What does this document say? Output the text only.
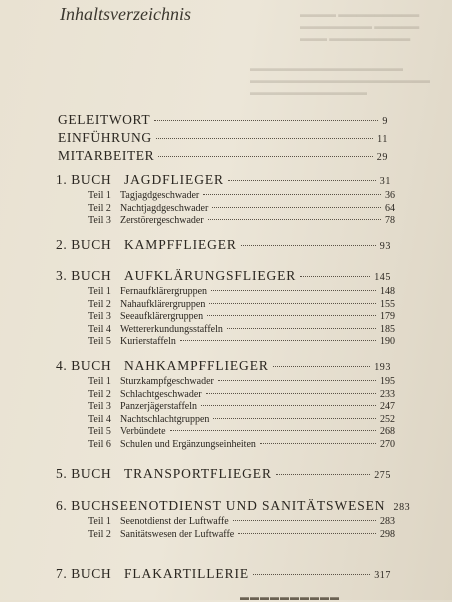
▬▬▬▬ ▬▬▬▬▬▬▬▬▬
▬▬▬▬▬▬▬▬ ▬▬▬▬▬
▬▬▬ ▬▬▬▬▬▬▬▬▬
▬▬▬▬▬▬▬▬▬▬▬▬▬▬▬▬▬
▬▬▬▬▬▬▬▬▬▬▬▬▬▬▬▬▬▬▬▬
▬▬▬▬▬▬▬▬▬▬▬▬▬
Inhaltsverzeichnis
GELEITWORT	9
EINFÜHRUNG	11
MITARBEITER	29
1. BUCH JAGDFLIEGER	31
Teil 1 Tagjagdgeschwader	36
Teil 2 Nachtjagdgeschwader	64
Teil 3 Zerstörergeschwader	78
2. BUCH KAMPFFLIEGER	93
3. BUCH AUFKLÄRUNGSFLIEGER	145
Teil 1 Fernaufklärergruppen	148
Teil 2 Nahaufklärergruppen	155
Teil 3 Seeaufklärergruppen	179
Teil 4 Wettererkundungsstaffeln	185
Teil 5 Kurierstaffeln	190
4. BUCH NAHKAMPFFLIEGER	193
Teil 1 Sturzkampfgeschwader	195
Teil 2 Schlachtgeschwader	233
Teil 3 Panzerjägerstaffeln	247
Teil 4 Nachtschlachtgruppen	252
Teil 5 Verbündete	268
Teil 6 Schulen und Ergänzungseinheiten	270
5. BUCH TRANSPORTFLIEGER	275
6. BUCH SEENOTDIENST UND SANITÄTSWESEN 283
Teil 1 Seenotdienst der Luftwaffe	283
Teil 2 Sanitätswesen der Luftwaffe	298
7. BUCH FLAKARTILLERIE	317
▬▬▬▬▬▬▬▬▬▬
